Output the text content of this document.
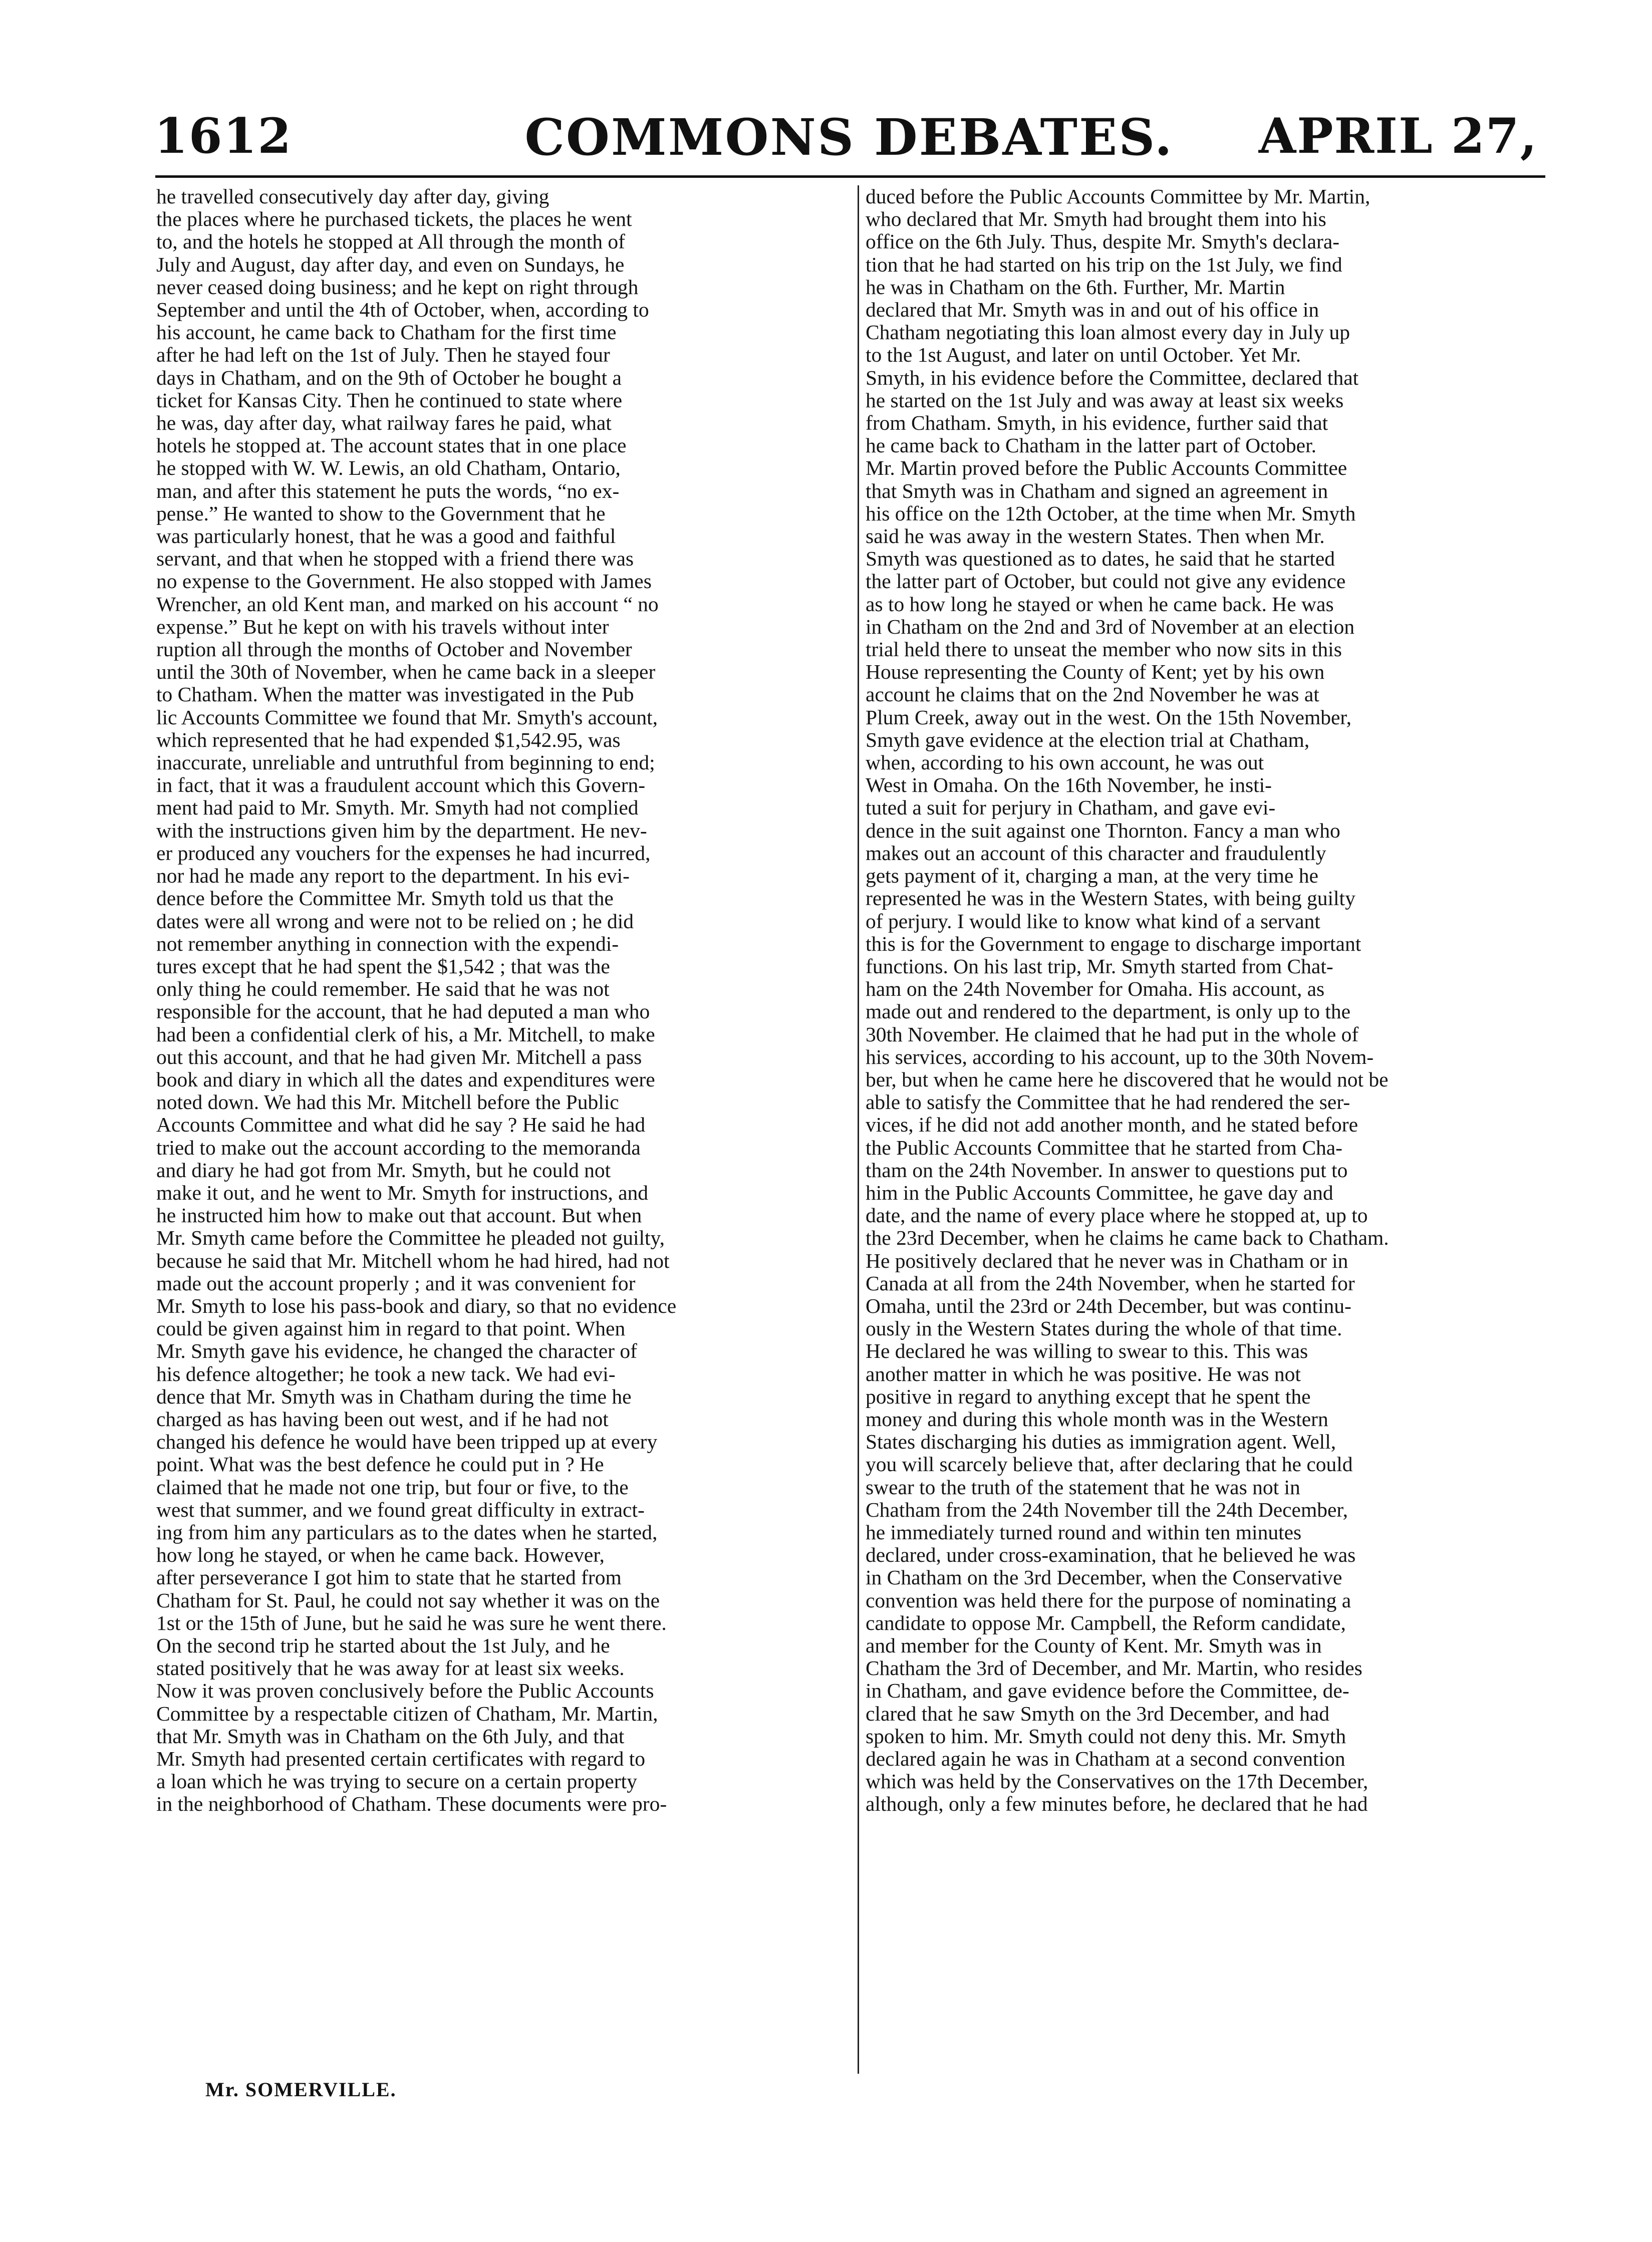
1612	COMMONS DEBATES.	APRIL 27,

he travelled consecutively day after day, giving
the places where he purchased tickets, the places he went
to, and the hotels he stopped at All through the month of
July and August, day after day, and even on Sundays, he
never ceased doing business; and he kept on right through
September and until the 4th of October, when, according to
his account, he came back to Chatham for the first time
after he had left on the 1st of July. Then he stayed four
days in Chatham, and on the 9th of October he bought a
ticket for Kansas City. Then he continued to state where
he was, day after day, what railway fares he paid, what
hotels he stopped at. The account states that in one place
he stopped with W. W. Lewis, an old Chatham, Ontario,
man, and after this statement he puts the words, “no ex-
pense.” He wanted to show to the Government that he
was particularly honest, that he was a good and faithful
servant, and that when he stopped with a friend there was
no expense to the Government. He also stopped with James
Wrencher, an old Kent man, and marked on his account “ no
expense.” But he kept on with his travels without inter
ruption all through the months of October and November
until the 30th of November, when he came back in a sleeper
to Chatham. When the matter was investigated in the Pub
lic Accounts Committee we found that Mr. Smyth's account,
which represented that he had expended $1,542.95, was
inaccurate, unreliable and untruthful from beginning to end;
in fact, that it was a fraudulent account which this Govern-
ment had paid to Mr. Smyth. Mr. Smyth had not complied
with the instructions given him by the department. He nev-
er produced any vouchers for the expenses he had incurred,
nor had he made any report to the department. In his evi-
dence before the Committee Mr. Smyth told us that the
dates were all wrong and were not to be relied on ; he did
not remember anything in connection with the expendi-
tures except that he had spent the $1,542 ; that was the
only thing he could remember. He said that he was not
responsible for the account, that he had deputed a man who
had been a confidential clerk of his, a Mr. Mitchell, to make
out this account, and that he had given Mr. Mitchell a pass
book and diary in which all the dates and expenditures were
noted down. We had this Mr. Mitchell before the Public
Accounts Committee and what did he say ? He said he had
tried to make out the account according to the memoranda
and diary he had got from Mr. Smyth, but he could not
make it out, and he went to Mr. Smyth for instructions, and
he instructed him how to make out that account. But when
Mr. Smyth came before the Committee he pleaded not guilty,
because he said that Mr. Mitchell whom he had hired, had not
made out the account properly ; and it was convenient for
Mr. Smyth to lose his pass-book and diary, so that no evidence
could be given against him in regard to that point. When
Mr. Smyth gave his evidence, he changed the character of
his defence altogether; he took a new tack. We had evi-
dence that Mr. Smyth was in Chatham during the time he
charged as has having been out west, and if he had not
changed his defence he would have been tripped up at every
point. What was the best defence he could put in ? He
claimed that he made not one trip, but four or five, to the
west that summer, and we found great difficulty in extract-
ing from him any particulars as to the dates when he started,
how long he stayed, or when he came back. However,
after perseverance I got him to state that he started from
Chatham for St. Paul, he could not say whether it was on the
1st or the 15th of June, but he said he was sure he went there.
On the second trip he started about the 1st July, and he
stated positively that he was away for at least six weeks.
Now it was proven conclusively before the Public Accounts
Committee by a respectable citizen of Chatham, Mr. Martin,
that Mr. Smyth was in Chatham on the 6th July, and that
Mr. Smyth had presented certain certificates with regard to
a loan which he was trying to secure on a certain property
in the neighborhood of Chatham. These documents were pro-

duced before the Public Accounts Committee by Mr. Martin,
who declared that Mr. Smyth had brought them into his
office on the 6th July. Thus, despite Mr. Smyth's declara-
tion that he had started on his trip on the 1st July, we find
he was in Chatham on the 6th. Further, Mr. Martin
declared that Mr. Smyth was in and out of his office in
Chatham negotiating this loan almost every day in July up
to the 1st August, and later on until October. Yet Mr.
Smyth, in his evidence before the Committee, declared that
he started on the 1st July and was away at least six weeks
from Chatham. Smyth, in his evidence, further said that
he came back to Chatham in the latter part of October.
Mr. Martin proved before the Public Accounts Committee
that Smyth was in Chatham and signed an agreement in
his office on the 12th October, at the time when Mr. Smyth
said he was away in the western States. Then when Mr.
Smyth was questioned as to dates, he said that he started
the latter part of October, but could not give any evidence
as to how long he stayed or when he came back. He was
in Chatham on the 2nd and 3rd of November at an election
trial held there to unseat the member who now sits in this
House representing the County of Kent; yet by his own
account he claims that on the 2nd November he was at
Plum Creek, away out in the west. On the 15th November,
Smyth gave evidence at the election trial at Chatham,
when, according to his own account, he was out
West in Omaha. On the 16th November, he insti-
tuted a suit for perjury in Chatham, and gave evi-
dence in the suit against one Thornton. Fancy a man who
makes out an account of this character and fraudulently
gets payment of it, charging a man, at the very time he
represented he was in the Western States, with being guilty
of perjury. I would like to know what kind of a servant
this is for the Government to engage to discharge important
functions. On his last trip, Mr. Smyth started from Chat-
ham on the 24th November for Omaha. His account, as
made out and rendered to the department, is only up to the
30th November. He claimed that he had put in the whole of
his services, according to his account, up to the 30th Novem-
ber, but when he came here he discovered that he would not be
able to satisfy the Committee that he had rendered the ser-
vices, if he did not add another month, and he stated before
the Public Accounts Committee that he started from Cha-
tham on the 24th November. In answer to questions put to
him in the Public Accounts Committee, he gave day and
date, and the name of every place where he stopped at, up to
the 23rd December, when he claims he came back to Chatham.
He positively declared that he never was in Chatham or in
Canada at all from the 24th November, when he started for
Omaha, until the 23rd or 24th December, but was continu-
ously in the Western States during the whole of that time.
He declared he was willing to swear to this. This was
another matter in which he was positive. He was not
positive in regard to anything except that he spent the
money and during this whole month was in the Western
States discharging his duties as immigration agent. Well,
you will scarcely believe that, after declaring that he could
swear to the truth of the statement that he was not in
Chatham from the 24th November till the 24th December,
he immediately turned round and within ten minutes
declared, under cross-examination, that he believed he was
in Chatham on the 3rd December, when the Conservative
convention was held there for the purpose of nominating a
candidate to oppose Mr. Campbell, the Reform candidate,
and member for the County of Kent. Mr. Smyth was in
Chatham the 3rd of December, and Mr. Martin, who resides
in Chatham, and gave evidence before the Committee, de-
clared that he saw Smyth on the 3rd December, and had
spoken to him. Mr. Smyth could not deny this. Mr. Smyth
declared again he was in Chatham at a second convention
which was held by the Conservatives on the 17th December,
although, only a few minutes before, he declared that he had

Mr. SOMERVILLE.
